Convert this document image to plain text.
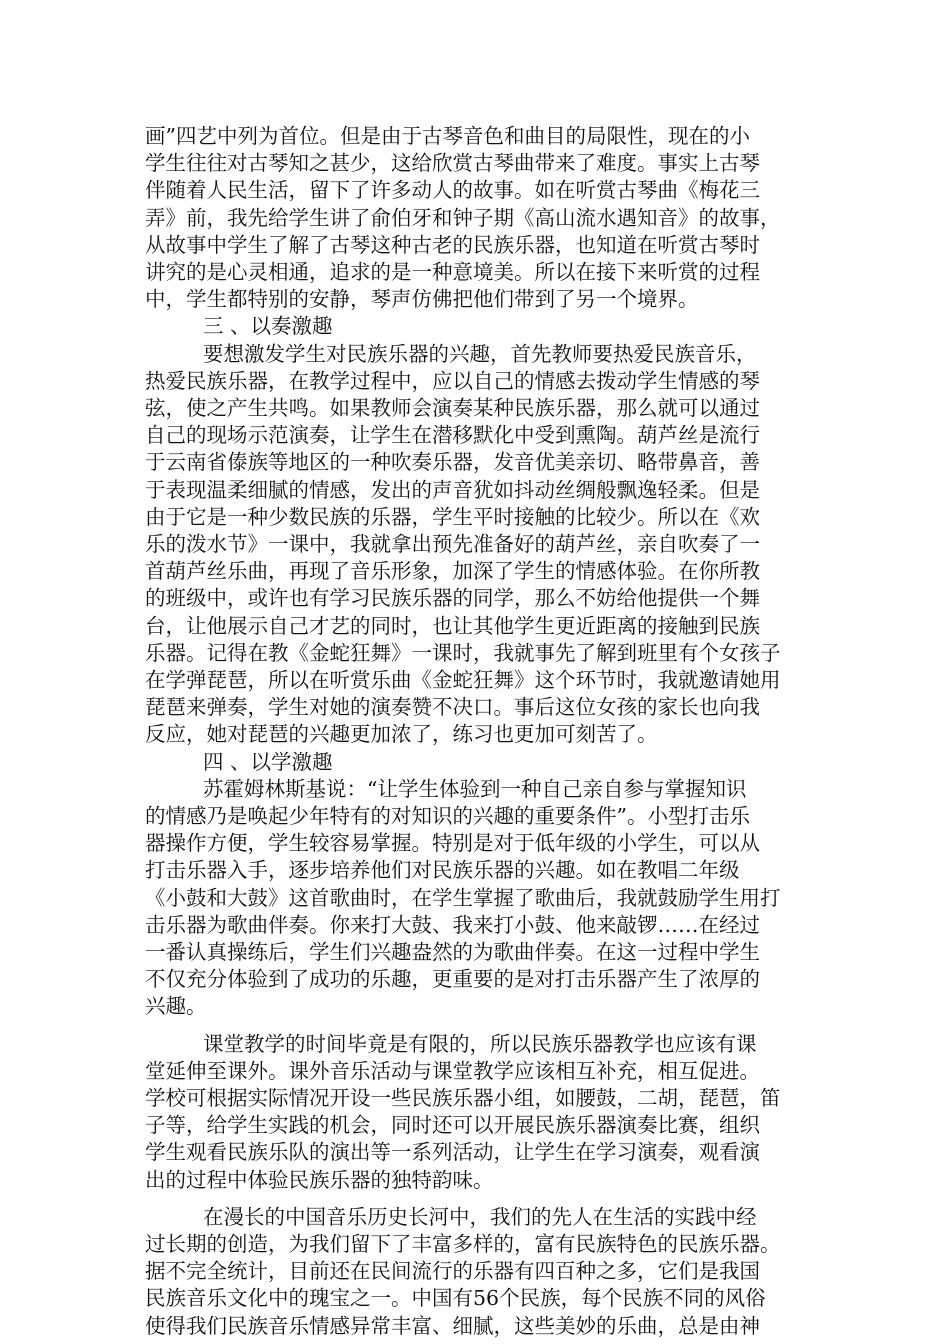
画”四艺中列为首位。但是由于古琴音色和曲目的局限性，现在的小
学生往往对古琴知之甚少，这给欣赏古琴曲带来了难度。事实上古琴
伴随着人民生活，留下了许多动人的故事。如在听赏古琴曲《梅花三
弄》前，我先给学生讲了俞伯牙和钟子期《高山流水遇知音》的故事，
从故事中学生了解了古琴这种古老的民族乐器，也知道在听赏古琴时
讲究的是心灵相通，追求的是一种意境美。所以在接下来听赏的过程
中，学生都特别的安静，琴声仿佛把他们带到了另一个境界。
三 、以奏激趣
要想激发学生对民族乐器的兴趣，首先教师要热爱民族音乐，
热爱民族乐器，在教学过程中，应以自己的情感去拨动学生情感的琴
弦，使之产生共鸣。如果教师会演奏某种民族乐器，那么就可以通过
自己的现场示范演奏，让学生在潜移默化中受到熏陶。葫芦丝是流行
于云南省傣族等地区的一种吹奏乐器，发音优美亲切、略带鼻音，善
于表现温柔细腻的情感，发出的声音犹如抖动丝绸般飘逸轻柔。但是
由于它是一种少数民族的乐器，学生平时接触的比较少。所以在《欢
乐的泼水节》一课中，我就拿出预先准备好的葫芦丝，亲自吹奏了一
首葫芦丝乐曲，再现了音乐形象，加深了学生的情感体验。在你所教
的班级中，或许也有学习民族乐器的同学，那么不妨给他提供一个舞
台，让他展示自己才艺的同时，也让其他学生更近距离的接触到民族
乐器。记得在教《金蛇狂舞》一课时，我就事先了解到班里有个女孩子
在学弹琵琶，所以在听赏乐曲《金蛇狂舞》这个环节时，我就邀请她用
琵琶来弹奏，学生对她的演奏赞不决口。事后这位女孩的家长也向我
反应，她对琵琶的兴趣更加浓了，练习也更加可刻苦了。
四 、以学激趣
苏霍姆林斯基说：“让学生体验到一种自己亲自参与掌握知识
的情感乃是唤起少年特有的对知识的兴趣的重要条件”。小型打击乐
器操作方便，学生较容易掌握。特别是对于低年级的小学生，可以从
打击乐器入手，逐步培养他们对民族乐器的兴趣。如在教唱二年级
《小鼓和大鼓》这首歌曲时，在学生掌握了歌曲后，我就鼓励学生用打
击乐器为歌曲伴奏。你来打大鼓、我来打小鼓、他来敲锣……在经过
一番认真操练后，学生们兴趣盎然的为歌曲伴奏。在这一过程中学生
不仅充分体验到了成功的乐趣，更重要的是对打击乐器产生了浓厚的
兴趣。
课堂教学的时间毕竟是有限的，所以民族乐器教学也应该有课
堂延伸至课外。课外音乐活动与课堂教学应该相互补充，相互促进。
学校可根据实际情况开设一些民族乐器小组，如腰鼓，二胡，琵琶，笛
子等，给学生实践的机会，同时还可以开展民族乐器演奏比赛，组织
学生观看民族乐队的演出等一系列活动，让学生在学习演奏，观看演
出的过程中体验民族乐器的独特韵味。
在漫长的中国音乐历史长河中，我们的先人在生活的实践中经
过长期的创造，为我们留下了丰富多样的，富有民族特色的民族乐器。
据不完全统计，目前还在民间流行的乐器有四百种之多，它们是我国
民族音乐文化中的瑰宝之一。中国有56个民族，每个民族不同的风俗
使得我们民族音乐情感异常丰富、细腻，这些美妙的乐曲，总是由神
